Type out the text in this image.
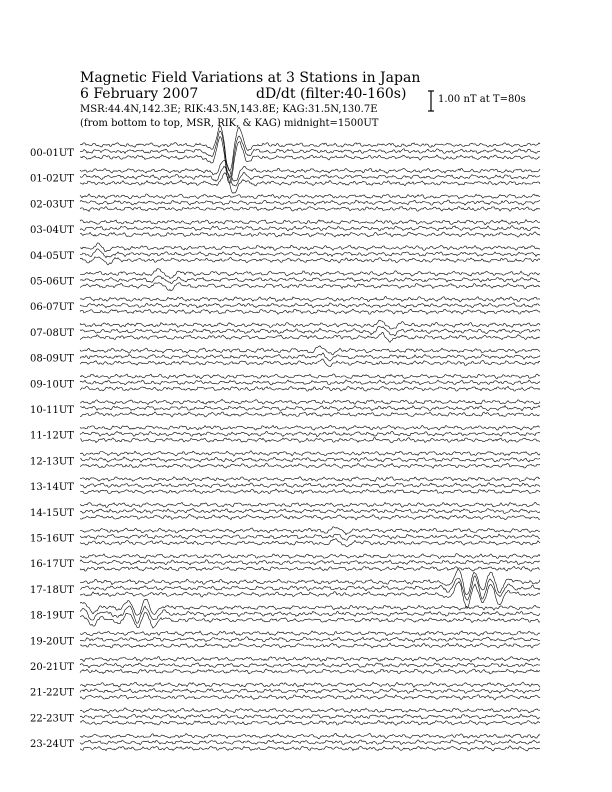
Magnetic Field Variations at 3 Stations in Japan
6 February 2007	dD/dt (filter:40-160s)
MSR:44.4N,142.3E; RIK:43.5N,143.8E; KAG:31.5N,130.7E
(from bottom to top, MSR, RIK, & KAG) midnight=1500UT
1.00 nT at T=80s
00-01UT
01-02UT
02-03UT
03-04UT
04-05UT
05-06UT
06-07UT
07-08UT
08-09UT
09-10UT
10-11UT
11-12UT
12-13UT
13-14UT
14-15UT
15-16UT
16-17UT
17-18UT
18-19UT
19-20UT
20-21UT
21-22UT
22-23UT
23-24UT
